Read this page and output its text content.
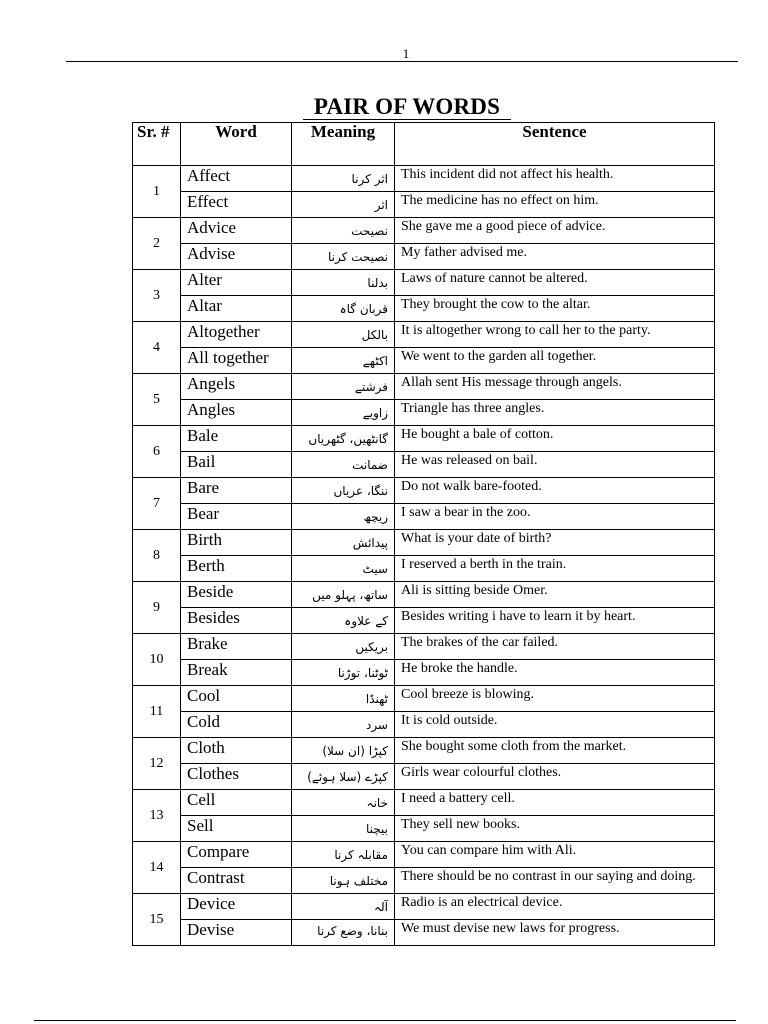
1
PAIR OF WORDS
Sr. #	Word	Meaning	Sentence
1	Affect	اثر کرنا	This incident did not affect his health.
	Effect	اثر	The medicine has no effect on him.
2	Advice	نصیحت	She gave me a good piece of advice.
	Advise	نصیحت کرنا	My father advised me.
3	Alter	بدلنا	Laws of nature cannot be altered.
	Altar	قربان گاہ	They brought the cow to the altar.
4	Altogether	بالکل	It is altogether wrong to call her to the party.
	All together	اکٹھے	We went to the garden all together.
5	Angels	فرشتے	Allah sent His message through angels.
	Angles	زاویے	Triangle has three angles.
6	Bale	گانٹھیں، گٹھریاں	He bought a bale of cotton.
	Bail	ضمانت	He was released on bail.
7	Bare	ننگا، عریاں	Do not walk bare-footed.
	Bear	ریچھ	I saw a bear in the zoo.
8	Birth	پیدائش	What is your date of birth?
	Berth	سیٹ	I reserved a berth in the train.
9	Beside	ساتھ، پہلو میں	Ali is sitting beside Omer.
	Besides	کے علاوہ	Besides writing i have to learn it by heart.
10	Brake	بریکیں	The brakes of the car failed.
	Break	ٹوٹنا، توڑنا	He broke the handle.
11	Cool	ٹھنڈا	Cool breeze is blowing.
	Cold	سرد	It is cold outside.
12	Cloth	کپڑا (ان سلا)	She bought some cloth from the market.
	Clothes	کپڑے (سلا ہوئے)	Girls wear colourful clothes.
13	Cell	خانہ	I need a battery cell.
	Sell	بیچنا	They sell new books.
14	Compare	مقابلہ کرنا	You can compare him with Ali.
	Contrast	مختلف ہونا	There should be no contrast in our saying and doing.
15	Device	آلہ	Radio is an electrical device.
	Devise	بنانا، وضع کرنا	We must devise new laws for progress.
